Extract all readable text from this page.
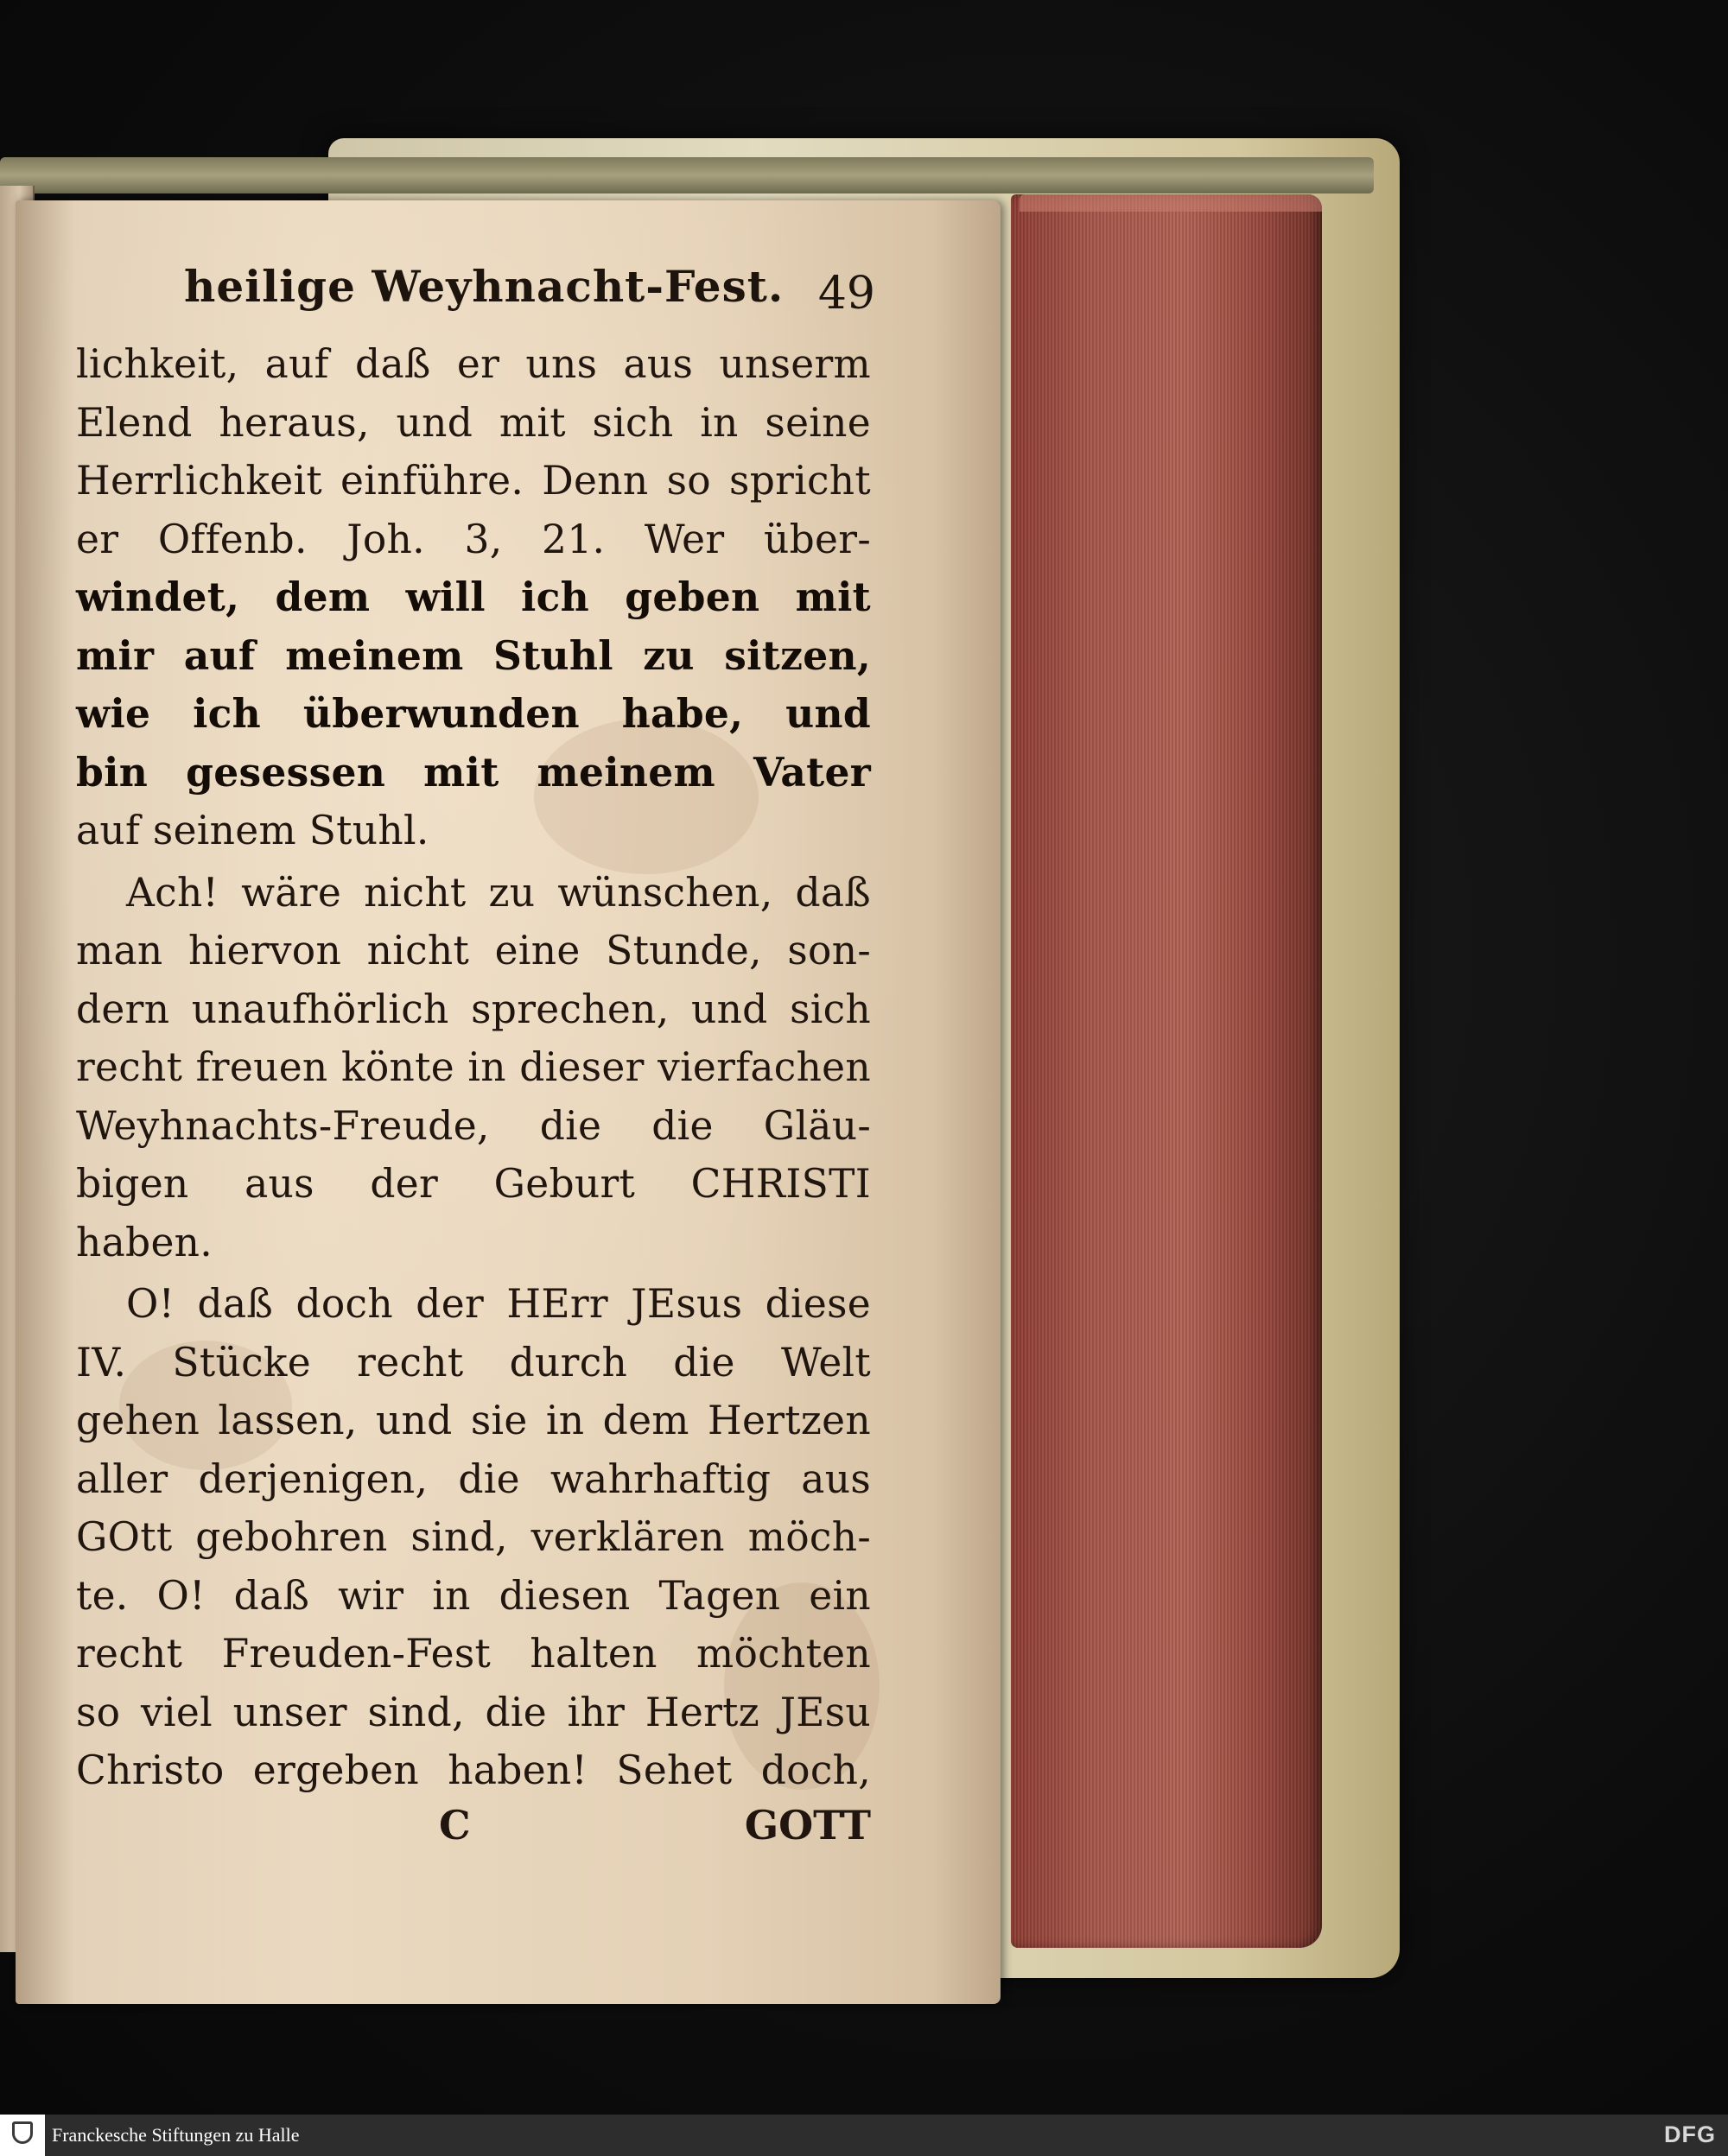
heilige Weyhnacht-Fest. 49
lichkeit, auf daß er uns aus unserm
Elend heraus, und mit sich in seine
Herrlichkeit einführe. Denn so spricht
er Offenb. Joh. 3, 21. Wer über-
windet, dem will ich geben mit
mir auf meinem Stuhl zu sitzen,
wie ich überwunden habe, und
bin gesessen mit meinem Vater
auf seinem Stuhl.
Ach! wäre nicht zu wünschen, daß
man hiervon nicht eine Stunde, son-
dern unaufhörlich sprechen, und sich
recht freuen könte in dieser vierfachen
Weyhnachts-Freude, die die Gläu-
bigen aus der Geburt CHRISTI
haben.
O! daß doch der HErr JEsus diese
IV. Stücke recht durch die Welt
gehen lassen, und sie in dem Hertzen
aller derjenigen, die wahrhaftig aus
GOtt gebohren sind, verklären möch-
te. O! daß wir in diesen Tagen ein
recht Freuden-Fest halten möchten
so viel unser sind, die ihr Hertz JEsu
Christo ergeben haben! Sehet doch,
C	GOTT
Franckesche Stiftungen zu Halle	DFG
